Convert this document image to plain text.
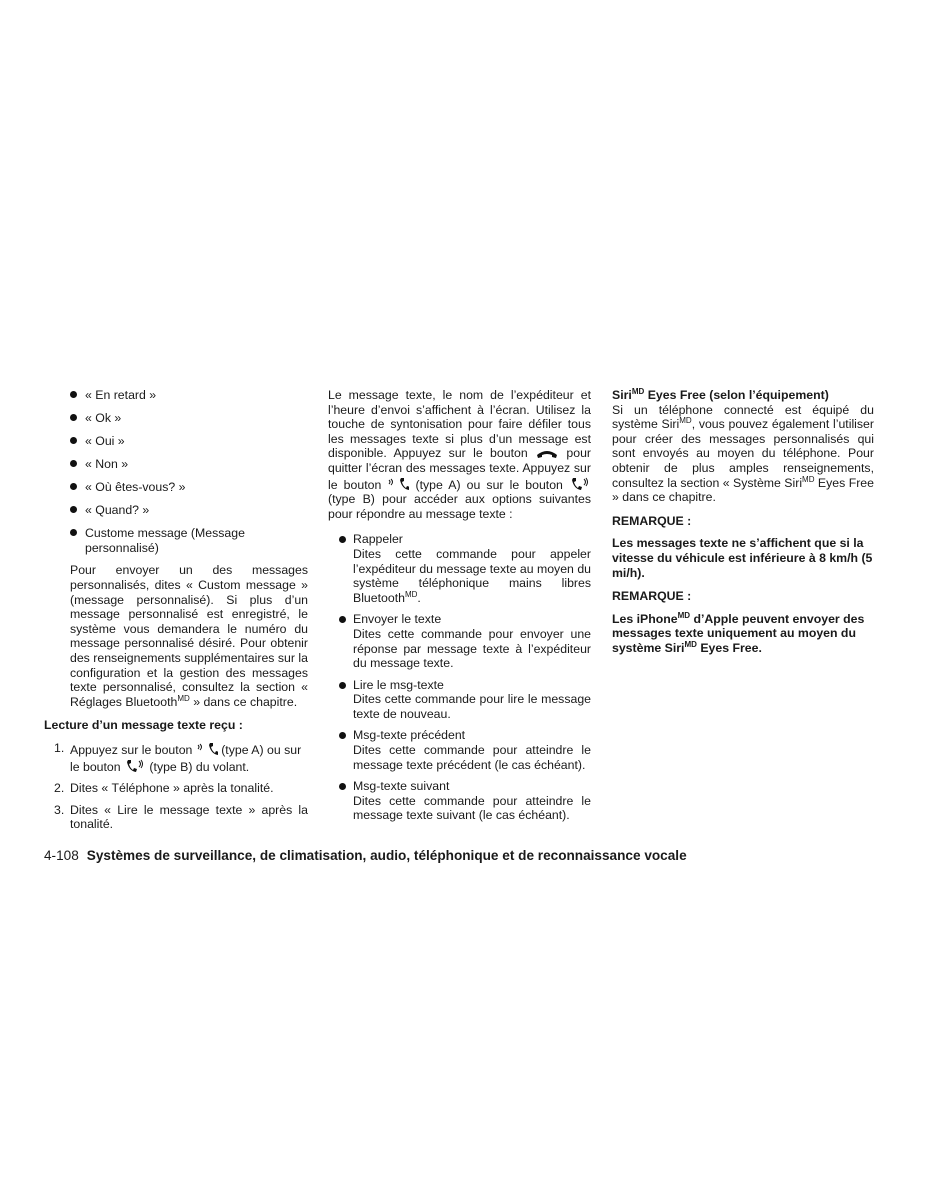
« En retard »
« Ok »
« Oui »
« Non »
« Où êtes-vous? »
« Quand? »
Custome message (Message personnalisé)

Pour envoyer un des messages personnalisés, dites « Custom message » (message personnalisé). Si plus d’un message personnalisé est enregistré, le système vous demandera le numéro du message personnalisé désiré. Pour obtenir des renseignements supplémentaires sur la configuration et la gestion des messages texte personnalisé, consultez la section « Réglages Bluetooth$^{MD}$ » dans ce chapitre.

Lecture d’un message texte reçu :

1. Appuyez sur le bouton  (type A) ou sur le bouton  (type B) du volant.
2. Dites « Téléphone » après la tonalité.
3. Dites « Lire le message texte » après la tonalité.

Le message texte, le nom de l’expéditeur et l’heure d’envoi s’affichent à l’écran. Utilisez la touche de syntonisation pour faire défiler tous les messages texte si plus d’un message est disponible. Appuyez sur le bouton  pour quitter l’écran des messages texte. Appuyez sur le bouton  (type A) ou sur le bouton  (type B) pour accéder aux options suivantes pour répondre au message texte :

Rappeler
Dites cette commande pour appeler l’expéditeur du message texte au moyen du système téléphonique mains libres Bluetooth$^{MD}$.
Envoyer le texte
Dites cette commande pour envoyer une réponse par message texte à l’expéditeur du message texte.
Lire le msg-texte
Dites cette commande pour lire le message texte de nouveau.
Msg-texte précédent
Dites cette commande pour atteindre le message texte précédent (le cas échéant).
Msg-texte suivant
Dites cette commande pour atteindre le message texte suivant (le cas échéant).

Siri$^{MD}$ Eyes Free (selon l’équipement)

Si un téléphone connecté est équipé du système Siri$^{MD}$, vous pouvez également l’utiliser pour créer des messages personnalisés qui sont envoyés au moyen du téléphone. Pour obtenir de plus amples renseignements, consultez la section « Système Siri$^{MD}$ Eyes Free » dans ce chapitre.

REMARQUE :

Les messages texte ne s’affichent que si la vitesse du véhicule est inférieure à 8 km/h (5 mi/h).

REMARQUE :

Les iPhone$^{MD}$ d’Apple peuvent envoyer des messages texte uniquement au moyen du système Siri$^{MD}$ Eyes Free.

4-108 Systèmes de surveillance, de climatisation, audio, téléphonique et de reconnaissance vocale
